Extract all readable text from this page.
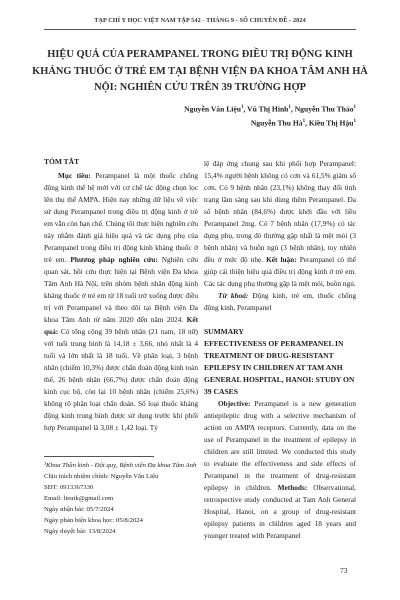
TẠP CHÍ Y HỌC VIỆT NAM TẬP 542 - THÁNG 9 - SỐ CHUYÊN ĐỀ - 2024
HIỆU QUẢ CỦA PERAMPANEL TRONG ĐIỀU TRỊ ĐỘNG KINH KHÁNG THUỐC Ở TRẺ EM TẠI BỆNH VIỆN ĐA KHOA TÂM ANH HÀ NỘI: NGHIÊN CỨU TRÊN 39 TRƯỜNG HỢP
Nguyễn Văn Liệu$^1$, Vũ Thị Hinh$^1$, Nguyễn Thu Thảo$^1$
Nguyễn Thu $Hà^1$, Kiều Thị Hậu$^1$
TÓM TẮT
Mục tiêu: Perampanel là một thuốc chống động kinh thế hệ mới với cơ chế tác động chọn lọc lên thụ thể AMPA. Hiện nay những dữ liệu về việc sử dụng Perampanel trong điều trị động kinh ở trẻ em vẫn còn hạn chế. Chúng tôi thực hiện nghiên cứu này nhằm đánh giá hiệu quả và tác dụng phụ của Perampanel trong điều trị động kinh kháng thuốc ở trẻ em. Phương pháp nghiên cứu: Nghiên cứu quan sát, hồi cứu thực hiện tại Bệnh viện Đa khoa Tâm Anh Hà Nội, trên nhóm bệnh nhân động kinh kháng thuốc ở trẻ em từ 18 tuổi trở xuống được điều trị với Perampanel và theo dõi tại Bệnh viện Đa khoa Tâm Anh từ năm 2020 đến năm 2024. Kết quả: Có tổng cộng 39 bệnh nhân (21 nam, 18 nữ) với tuổi trung bình là 14,18 ± 3,66, nhỏ nhất là 4 tuổi và lớn nhất là 18 tuổi. Về phân loại, 3 bệnh nhân (chiếm 10,3%) được chẩn đoán động kinh toàn thể, 26 bệnh nhân (66,7%) được chẩn đoán động kinh cục bộ, còn lại 10 bệnh nhân (chiếm 25,6%) không rõ phân loại chẩn đoán. Số loại thuốc kháng động kinh trung bình được sử dụng trước khi phối hợp Perampanel là 3,08 ± 1,42 loại. Tỷ
¹Khoa Thần kinh - Đột quỵ, Bệnh viện Đa khoa Tâm Anh
Chịu trách nhiệm chính: Nguyễn Văn Liệu
SĐT: 0913367330
Email: lieutk@gmail.com
Ngày nhận bài: 05/7/2024
Ngày phản biện khoa học: 05/8/2024
Ngày duyệt bài: 13/8/2024
lệ đáp ứng chung sau khi phối hợp Perampanel: 15,4% người bệnh không có cơn và 61,5% giảm số cơn. Có 9 bệnh nhân (23,1%) không thay đổi tình trạng lâm sàng sau khi dùng thêm Perampanel. Đa số bệnh nhân (84,6%) được khởi đầu với liều Perampanel 2mg. Có 7 bệnh nhân (17,9%) có tác dụng phụ, trong đó thường gặp nhất là mệt mỏi (3 bệnh nhân) và buồn ngủ (3 bệnh nhân), tuy nhiên đều ở mức độ nhẹ. Kết luận: Perampanel có thể giúp cải thiện hiệu quả điều trị động kinh ở trẻ em. Các tác dụng phụ thường gặp là mệt mỏi, buồn ngủ.
Từ khoá: Động kinh, trẻ em, thuốc chống động kinh, Perampanel
SUMMARY
EFFECTIVENESS OF PERAMPANEL IN TREATMENT OF DRUG-RESISTANT EPILEPSY IN CHILDREN AT TAM ANH GENERAL HOSPITAL, HANOI: STUDY ON 39 CASES
Objective: Perampanel is a new generation antiepileptic drug with a selective mechanism of action on AMPA receptors. Currently, data on the use of Perampanel in the treatment of epilepsy in children are still limited. We conducted this study to evaluate the effectiveness and side effects of Perampanel in the treatment of drug-resistant epilepsy in children. Methods: Observational, retrospective study conducted at Tam Anh General Hospital, Hanoi, on a group of drug-resistant epilepsy patients in children aged 18 years and younger treated with Perampanel
73
